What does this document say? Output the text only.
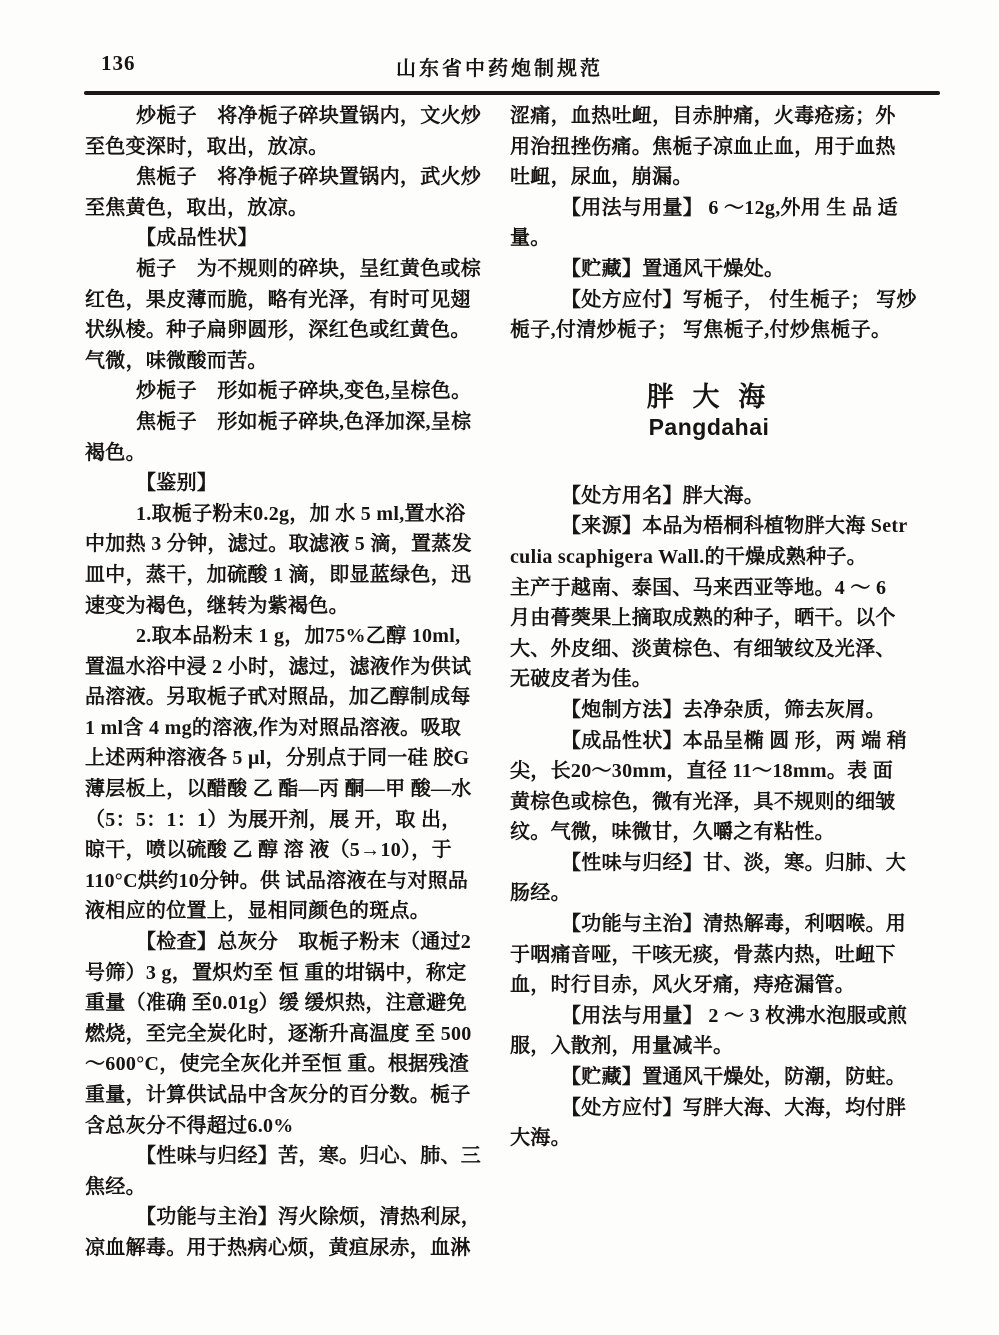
136	山东省中药炮制规范
炒栀子　将净栀子碎块置锅内，文火炒
至色变深时，取出，放凉。
焦栀子　将净栀子碎块置锅内，武火炒
至焦黄色，取出，放凉。
【成品性状】
栀子　为不规则的碎块，呈红黄色或棕
红色，果皮薄而脆，略有光泽，有时可见翅
状纵棱。种子扁卵圆形，深红色或红黄色。
气微，味微酸而苦。
炒栀子　形如栀子碎块,变色,呈棕色。
焦栀子　形如栀子碎块,色泽加深,呈棕
褐色。
【鉴别】
1.取栀子粉末0.2g，加 水 5 ml,置水浴
中加热 3 分钟，滤过。取滤液 5 滴，置蒸发
皿中，蒸干，加硫酸 1 滴，即显蓝绿色，迅
速变为褐色，继转为紫褐色。
2.取本品粉末 1 g，加75%乙醇 10ml,
置温水浴中浸 2 小时，滤过，滤液作为供试
品溶液。另取栀子甙对照品，加乙醇制成每
1 ml含 4 mg的溶液,作为对照品溶液。吸取
上述两种溶液各 5 μl，分别点于同一硅 胶G
薄层板上，以醋酸 乙 酯—丙 酮—甲 酸—水
（5：5：1：1）为展开剂，展 开，取 出，
晾干，喷以硫酸 乙 醇 溶 液（5→10），于
110°C烘约10分钟。供 试品溶液在与对照品
液相应的位置上，显相同颜色的斑点。
【检查】总灰分　取栀子粉末（通过2
号筛）3 g，置炽灼至 恒 重的坩锅中，称定
重量（准确 至0.01g）缓 缓炽热，注意避免
燃烧，至完全炭化时，逐渐升高温度 至 500
～600°C，使完全灰化并至恒 重。根据残渣
重量，计算供试品中含灰分的百分数。栀子
含总灰分不得超过6.0%
【性味与归经】苦，寒。归心、肺、三
焦经。
【功能与主治】泻火除烦，清热利尿，
凉血解毒。用于热病心烦，黄疸尿赤，血淋
涩痛，血热吐衄，目赤肿痛，火毒疮疡；外
用治扭挫伤痛。焦栀子凉血止血，用于血热
吐衄，尿血，崩漏。
【用法与用量】 6 ～12g,外用 生 品 适
量。
【贮藏】置通风干燥处。
【处方应付】写栀子， 付生栀子； 写炒
栀子,付清炒栀子； 写焦栀子,付炒焦栀子。
胖 大 海
Pangdahai
【处方用名】胖大海。
【来源】本品为梧桐科植物胖大海 Setr
culia scaphigera Wall.的干燥成熟种子。
主产于越南、泰国、马来西亚等地。4 ～ 6
月由蓇葖果上摘取成熟的种子，晒干。以个
大、外皮细、淡黄棕色、有细皱纹及光泽、
无破皮者为佳。
【炮制方法】去净杂质，筛去灰屑。
【成品性状】本品呈椭 圆 形，两 端 稍
尖，长20～30mm，直径 11～18mm。表 面
黄棕色或棕色，微有光泽，具不规则的细皱
纹。气微，味微甘，久嚼之有粘性。
【性味与归经】甘、淡，寒。归肺、大
肠经。
【功能与主治】清热解毒，利咽喉。用
于咽痛音哑，干咳无痰，骨蒸内热，吐衄下
血，时行目赤，风火牙痛，痔疮漏管。
【用法与用量】 2 ～ 3 枚沸水泡服或煎
服，入散剂，用量减半。
【贮藏】置通风干燥处，防潮，防蛀。
【处方应付】写胖大海、大海，均付胖
大海。
